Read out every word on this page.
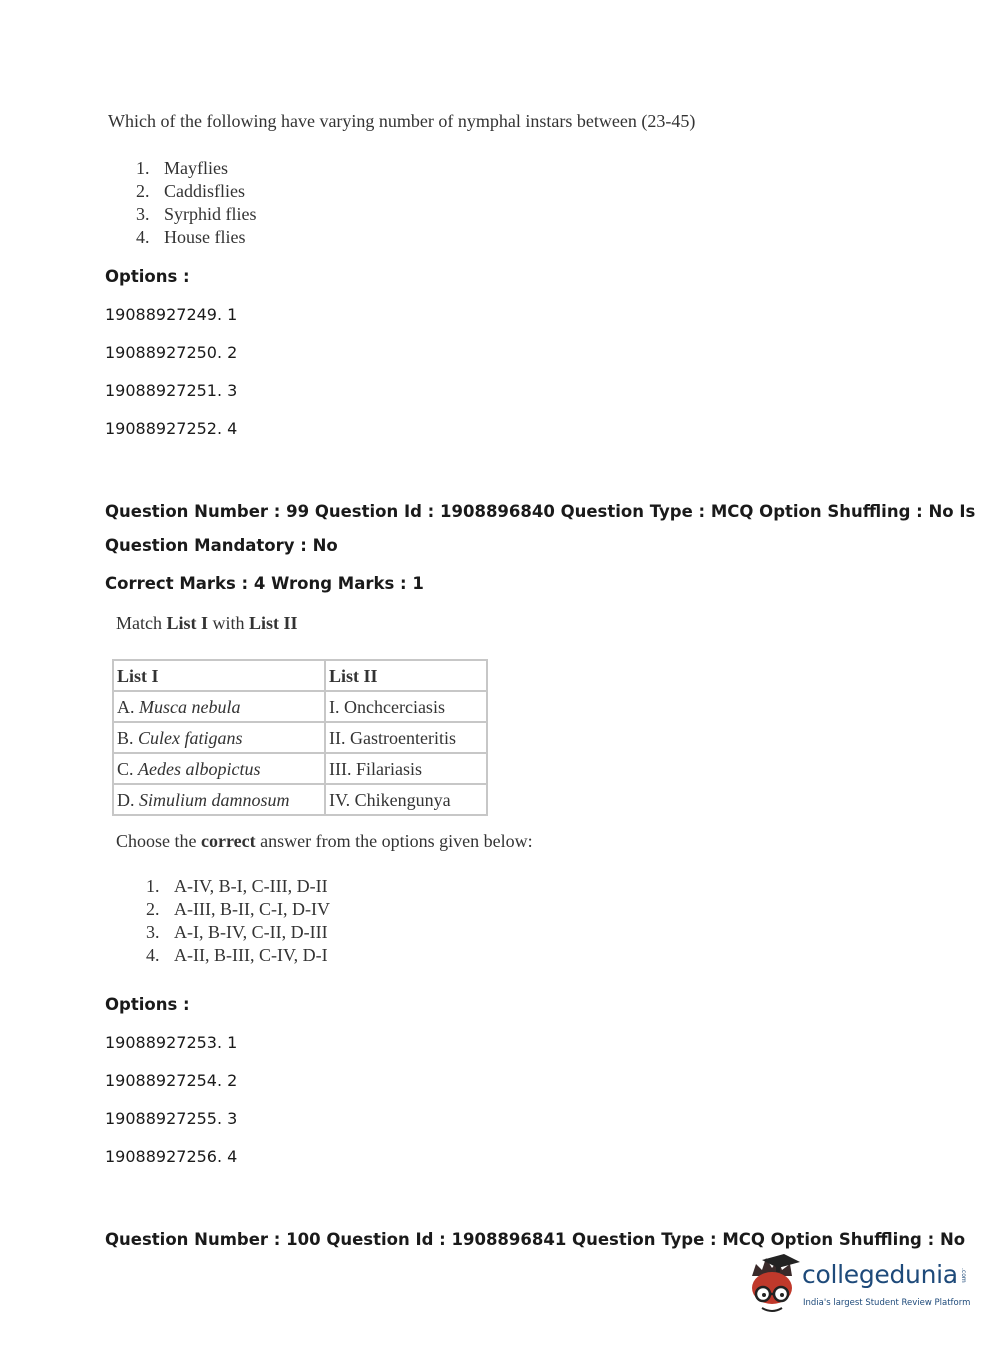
Which of the following have varying number of nymphal instars between (23-45)
1. Mayflies
2. Caddisflies
3. Syrphid flies
4. House flies
Options :
19088927249. 1
19088927250. 2
19088927251. 3
19088927252. 4
Question Number : 99 Question Id : 1908896840 Question Type : MCQ Option Shuffling : No Is
Question Mandatory : No
Correct Marks : 4 Wrong Marks : 1
Match List I with List II
List I	List II
A. Musca nebula	I. Onchcerciasis
B. Culex fatigans	II. Gastroenteritis
C. Aedes albopictus	III. Filariasis
D. Simulium damnosum	IV. Chikengunya
Choose the correct answer from the options given below:
1. A-IV, B-I, C-III, D-II
2. A-III, B-II, C-I, D-IV
3. A-I, B-IV, C-II, D-III
4. A-II, B-III, C-IV, D-I
Options :
19088927253. 1
19088927254. 2
19088927255. 3
19088927256. 4
Question Number : 100 Question Id : 1908896841 Question Type : MCQ Option Shuffling : No
collegedunia .com
India's largest Student Review Platform
